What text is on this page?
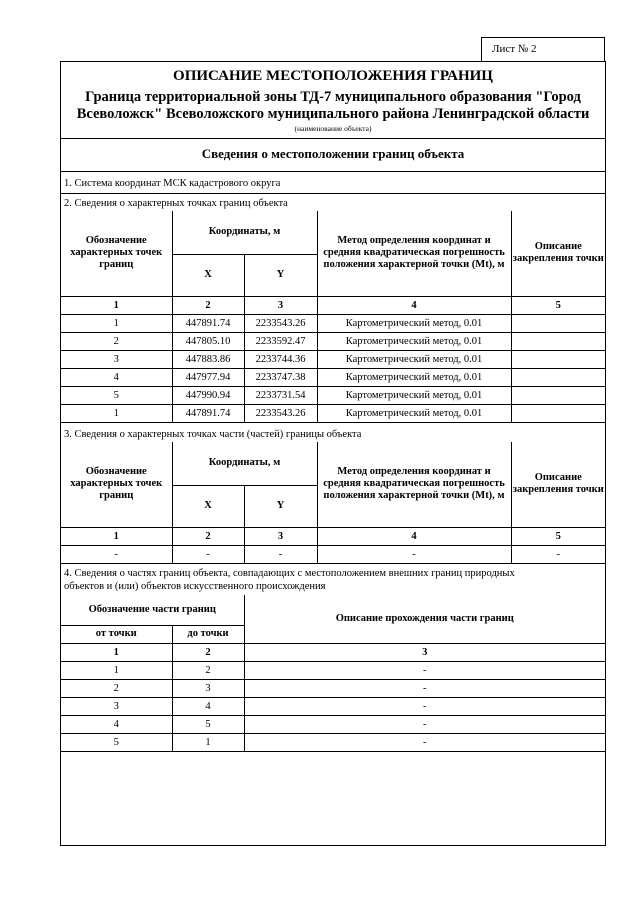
Лист № 2
ОПИСАНИЕ МЕСТОПОЛОЖЕНИЯ ГРАНИЦ
Граница территориальной зоны ТД-7 муниципального образования "Город
Всеволожск" Всеволожского муниципального района Ленинградской области
(наименование объекта)
Сведения о местоположении границ объекта
1. Система координат МСК кадастрового округа
2. Сведения о характерных точках границ объекта
Обозначение характерных точек границ	Координаты, м		Метод определения координат и средняя квадратическая погрешность положения характерной точки (Mt), м	Описание закрепления точки
	X	Y		
1	2	3	4	5
1	447891.74	2233543.26	Картометрический метод, 0.01	
2	447805.10	2233592.47	Картометрический метод, 0.01	
3	447883.86	2233744.36	Картометрический метод, 0.01	
4	447977.94	2233747.38	Картометрический метод, 0.01	
5	447990.94	2233731.54	Картометрический метод, 0.01	
1	447891.74	2233543.26	Картометрический метод, 0.01	
3. Сведения о характерных точках части (частей) границы объекта
Обозначение характерных точек границ	Координаты, м		Метод определения координат и средняя квадратическая погрешность положения характерной точки (Mt), м	Описание закрепления точки
	X	Y		
1	2	3	4	5
-	-	-	-	-
4. Сведения о частях границ объекта, совпадающих с местоположением внешних границ природных
объектов и (или) объектов искусственного происхождения
Обозначение части границ		Описание прохождения части границ
от точки	до точки	
1	2	3
1	2	-
2	3	-
3	4	-
4	5	-
5	1	-
